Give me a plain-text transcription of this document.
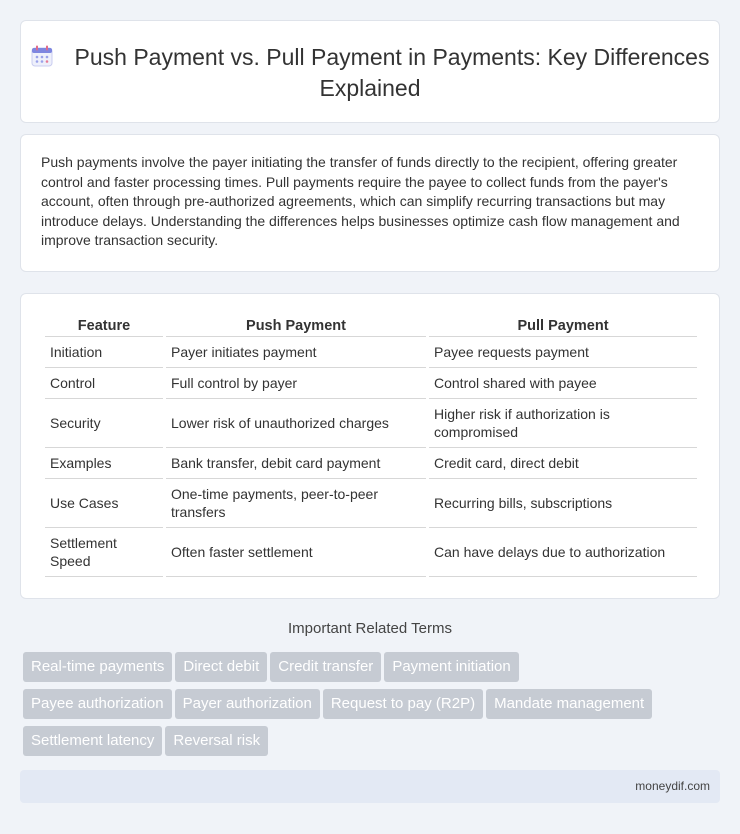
Push Payment vs. Pull Payment in Payments: Key Differences Explained

Push payments involve the payer initiating the transfer of funds directly to the recipient, offering greater control and faster processing times. Pull payments require the payee to collect funds from the payer's account, often through pre-authorized agreements, which can simplify recurring transactions but may introduce delays. Understanding the differences helps businesses optimize cash flow management and improve transaction security.

Feature	Push Payment	Pull Payment
Initiation	Payer initiates payment	Payee requests payment
Control	Full control by payer	Control shared with payee
Security	Lower risk of unauthorized charges	Higher risk if authorization is compromised
Examples	Bank transfer, debit card payment	Credit card, direct debit
Use Cases	One-time payments, peer-to-peer transfers	Recurring bills, subscriptions
Settlement Speed	Often faster settlement	Can have delays due to authorization
Important Related Terms
Real-time payments Direct debit Credit transfer Payment initiation
Payee authorization Payer authorization Request to pay (R2P) Mandate management
Settlement latency Reversal risk
moneydif.com
